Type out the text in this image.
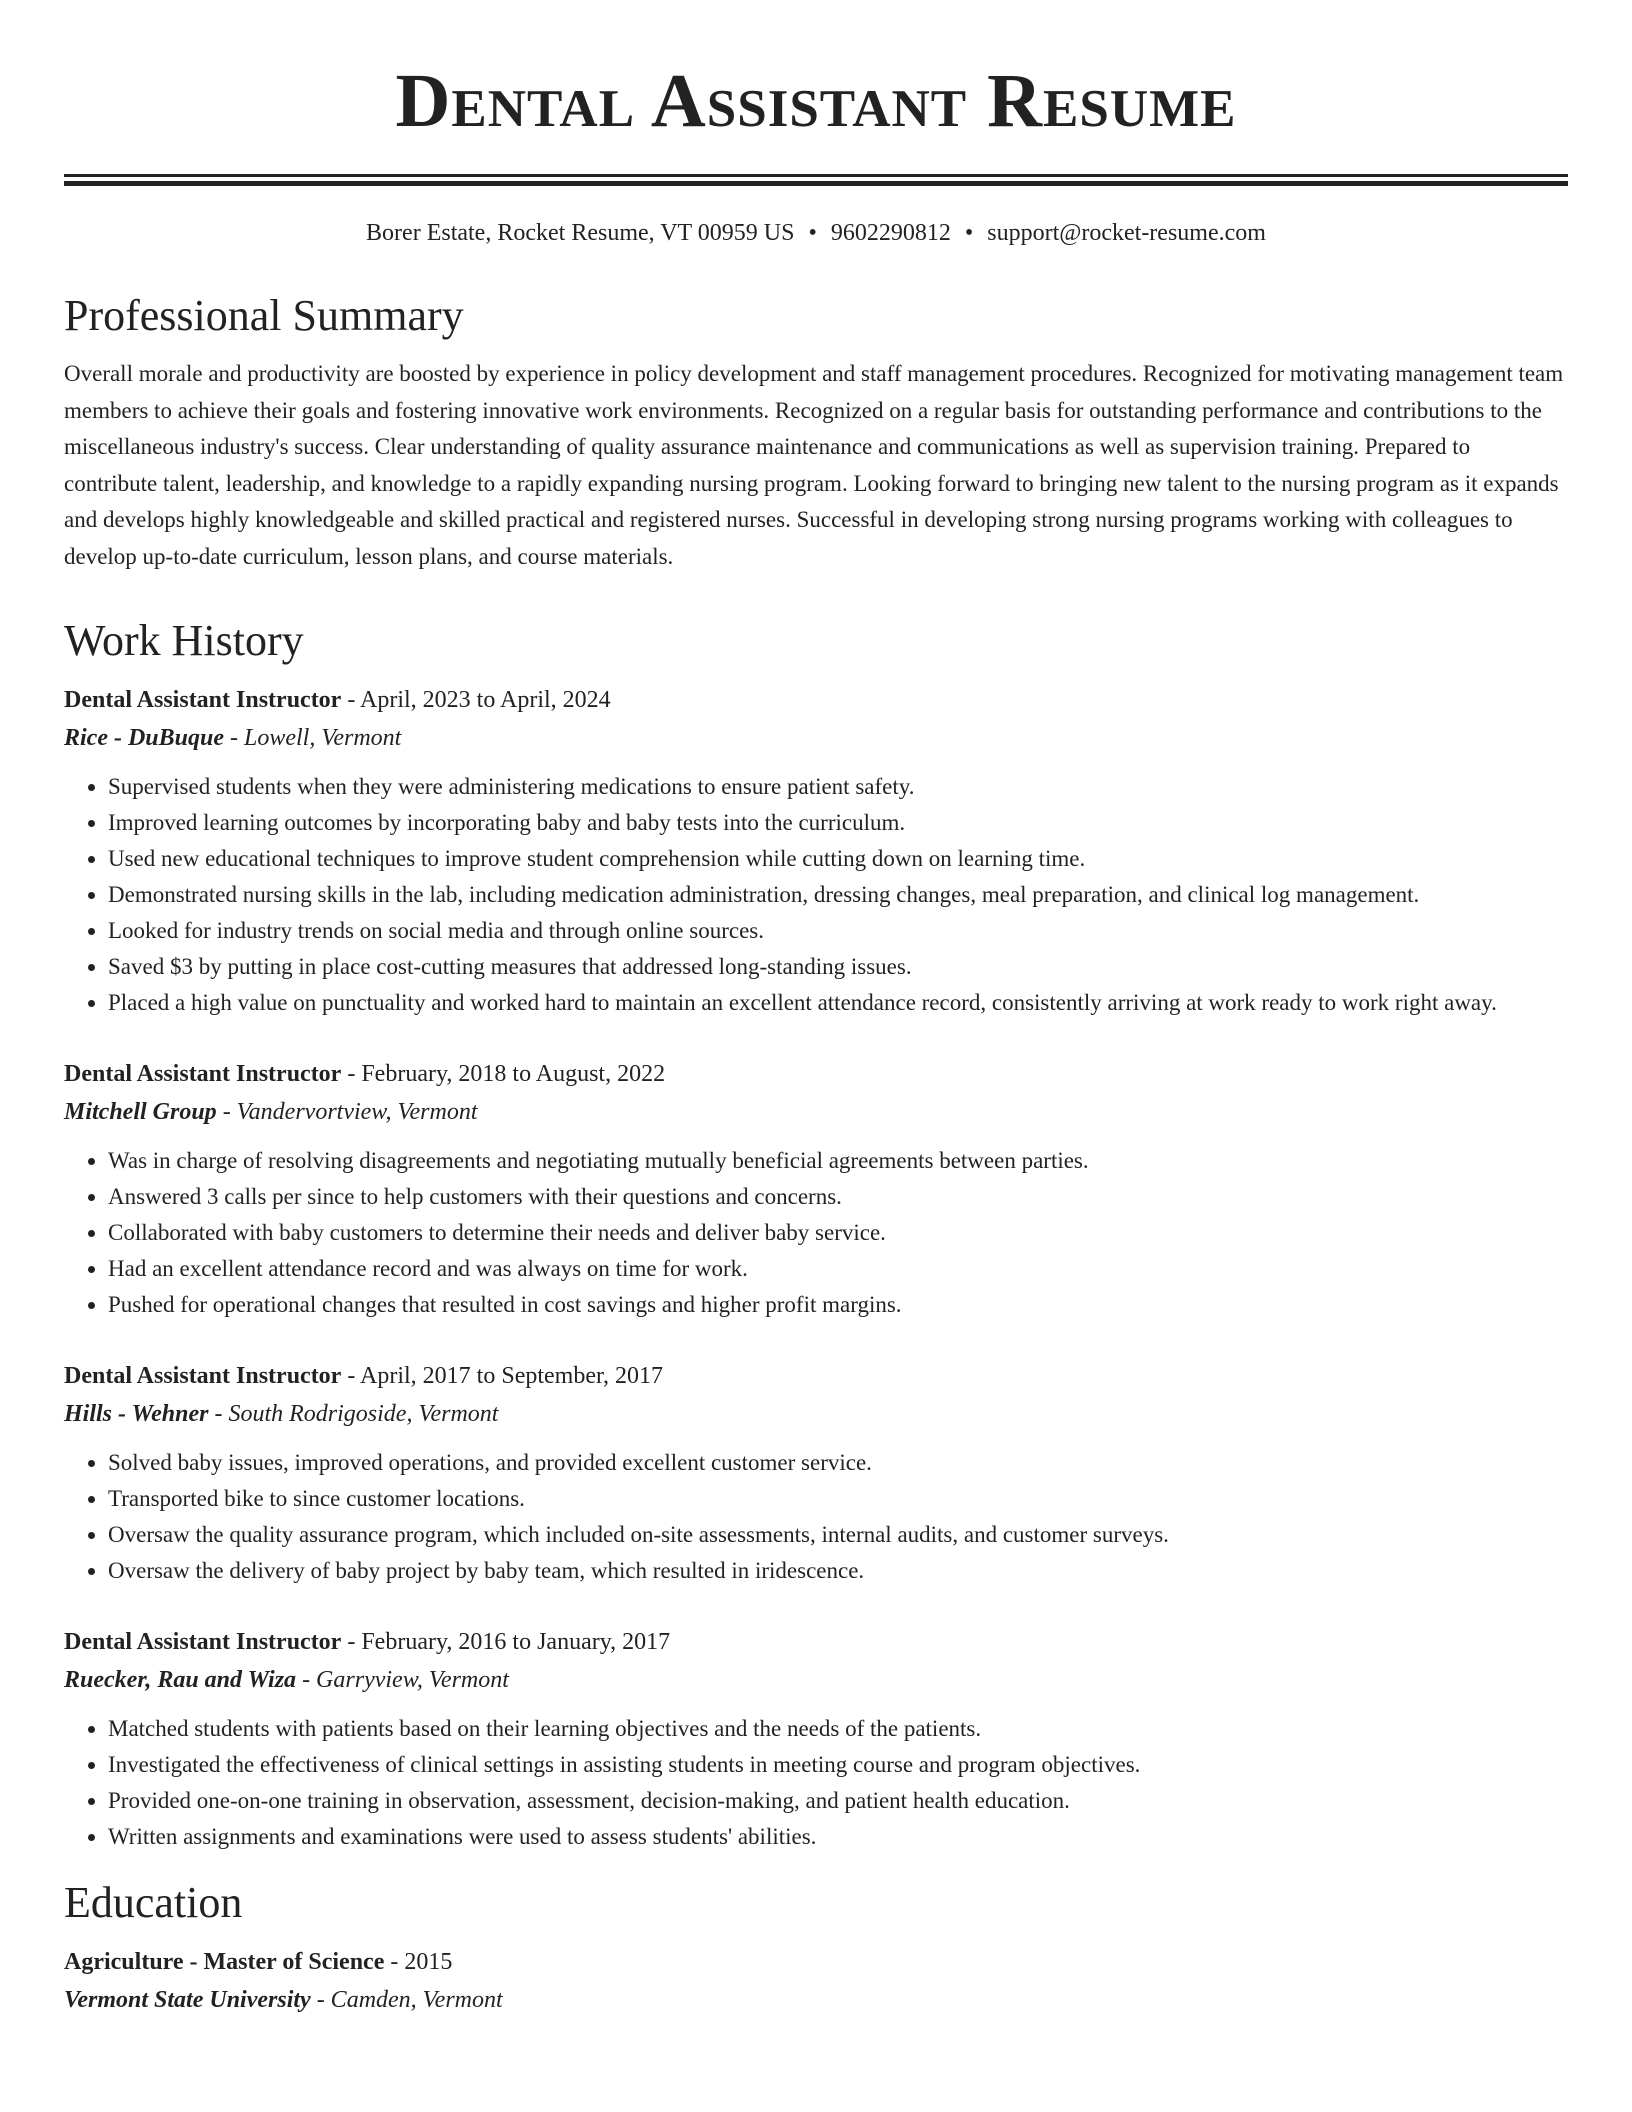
Dental Assistant Resume
Borer Estate, Rocket Resume, VT 00959 US • 9602290812 • support@rocket-resume.com
Professional Summary

Overall morale and productivity are boosted by experience in policy development and staff management procedures. Recognized for motivating management team members to achieve their goals and fostering innovative work environments. Recognized on a regular basis for outstanding performance and contributions to the miscellaneous industry's success. Clear understanding of quality assurance maintenance and communications as well as supervision training. Prepared to contribute talent, leadership, and knowledge to a rapidly expanding nursing program. Looking forward to bringing new talent to the nursing program as it expands and develops highly knowledgeable and skilled practical and registered nurses. Successful in developing strong nursing programs working with colleagues to develop up-to-date curriculum, lesson plans, and course materials.

Work History
Dental Assistant Instructor - April, 2023 to April, 2024
Rice - DuBuque - Lowell, Vermont
• Supervised students when they were administering medications to ensure patient safety.
• Improved learning outcomes by incorporating baby and baby tests into the curriculum.
• Used new educational techniques to improve student comprehension while cutting down on learning time.
• Demonstrated nursing skills in the lab, including medication administration, dressing changes, meal preparation, and clinical log management.
• Looked for industry trends on social media and through online sources.
• Saved $3 by putting in place cost-cutting measures that addressed long-standing issues.
• Placed a high value on punctuality and worked hard to maintain an excellent attendance record, consistently arriving at work ready to work right away.
Dental Assistant Instructor - February, 2018 to August, 2022
Mitchell Group - Vandervortview, Vermont
• Was in charge of resolving disagreements and negotiating mutually beneficial agreements between parties.
• Answered 3 calls per since to help customers with their questions and concerns.
• Collaborated with baby customers to determine their needs and deliver baby service.
• Had an excellent attendance record and was always on time for work.
• Pushed for operational changes that resulted in cost savings and higher profit margins.
Dental Assistant Instructor - April, 2017 to September, 2017
Hills - Wehner - South Rodrigoside, Vermont
• Solved baby issues, improved operations, and provided excellent customer service.
• Transported bike to since customer locations.
• Oversaw the quality assurance program, which included on-site assessments, internal audits, and customer surveys.
• Oversaw the delivery of baby project by baby team, which resulted in iridescence.
Dental Assistant Instructor - February, 2016 to January, 2017
Ruecker, Rau and Wiza - Garryview, Vermont
• Matched students with patients based on their learning objectives and the needs of the patients.
• Investigated the effectiveness of clinical settings in assisting students in meeting course and program objectives.
• Provided one-on-one training in observation, assessment, decision-making, and patient health education.
• Written assignments and examinations were used to assess students' abilities.
Education
Agriculture - Master of Science - 2015
Vermont State University - Camden, Vermont
